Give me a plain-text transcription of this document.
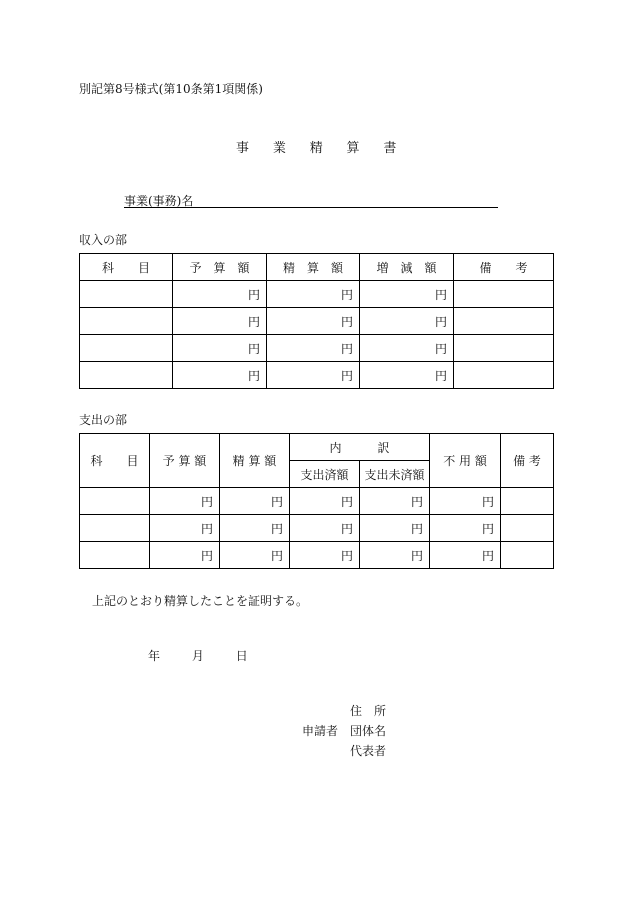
別記第8号様式(第10条第1項関係)
事 業 精 算 書
事業(事務)名
収入の部
科　　目	予　算　額	精　算　額	増　減　額	備　　考
	円	円	円	
	円	円	円	
	円	円	円	
	円	円	円	
支出の部
科　　目	予 算 額	精 算 額	内　　　訳		不 用 額	備 考
			支出済額	支出未済額		
	円	円	円	円	円	
	円	円	円	円	円	
	円	円	円	円	円	
上記のとおり精算したことを証明する。
年	月	日
住　所
申請者　団体名
代表者
